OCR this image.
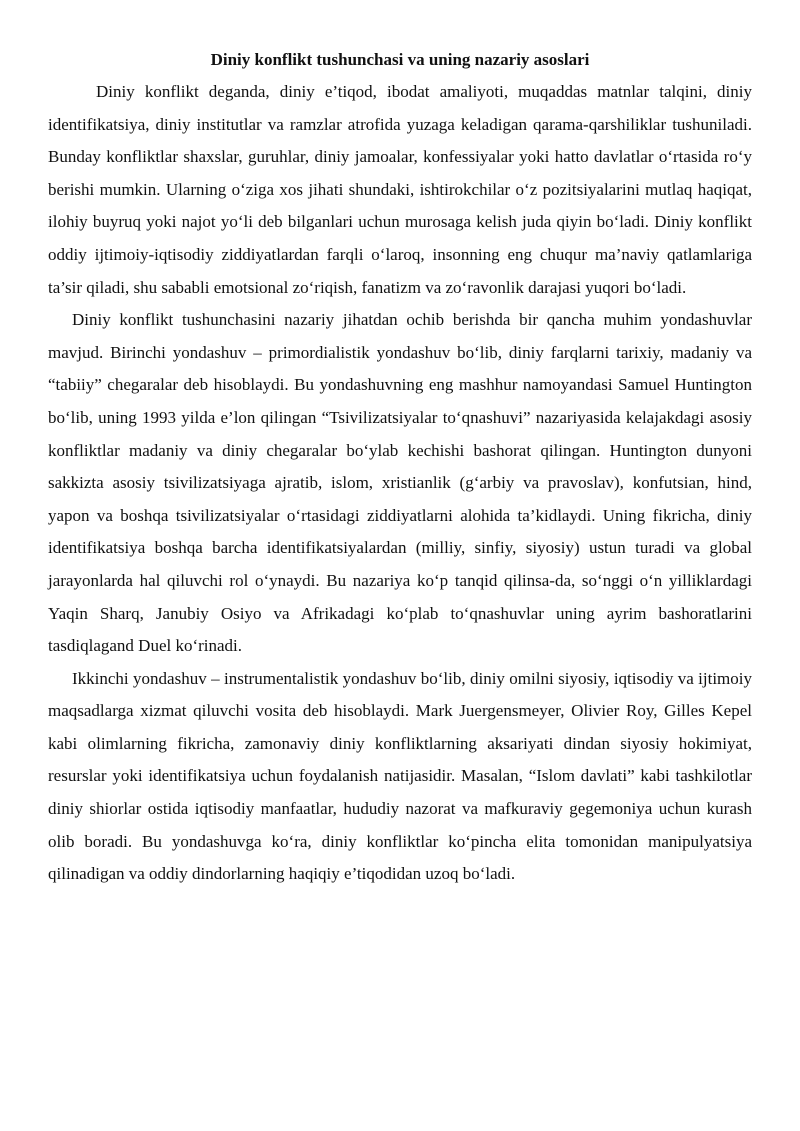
Diniy konflikt tushunchasi va uning nazariy asoslari

Diniy konflikt deganda, diniy e’tiqod, ibodat amaliyoti, muqaddas matnlar talqini, diniy identifikatsiya, diniy institutlar va ramzlar atrofida yuzaga keladigan qarama-qarshiliklar tushuniladi. Bunday konfliktlar shaxslar, guruhlar, diniy jamoalar, konfessiyalar yoki hatto davlatlar o‘rtasida ro‘y berishi mumkin. Ularning o‘ziga xos jihati shundaki, ishtirokchilar o‘z pozitsiyalarini mutlaq haqiqat, ilohiy buyruq yoki najot yo‘li deb bilganlari uchun murosaga kelish juda qiyin bo‘ladi. Diniy konflikt oddiy ijtimoiy-iqtisodiy ziddiyatlardan farqli o‘laroq, insonning eng chuqur ma’naviy qatlamlariga ta’sir qiladi, shu sababli emotsional zo‘riqish, fanatizm va zo‘ravonlik darajasi yuqori bo‘ladi.

Diniy konflikt tushunchasini nazariy jihatdan ochib berishda bir qancha muhim yondashuvlar mavjud. Birinchi yondashuv – primordialistik yondashuv bo‘lib, diniy farqlarni tarixiy, madaniy va “tabiiy” chegaralar deb hisoblaydi. Bu yondashuvning eng mashhur namoyandasi Samuel Huntington bo‘lib, uning 1993 yilda e’lon qilingan “Tsivilizatsiyalar to‘qnashuvi” nazariyasida kelajakdagi asosiy konfliktlar madaniy va diniy chegaralar bo‘ylab kechishi bashorat qilingan. Huntington dunyoni sakkizta asosiy tsivilizatsiyaga ajratib, islom, xristianlik (g‘arbiy va pravoslav), konfutsian, hind, yapon va boshqa tsivilizatsiyalar o‘rtasidagi ziddiyatlarni alohida ta’kidlaydi. Uning fikricha, diniy identifikatsiya boshqa barcha identifikatsiyalardan (milliy, sinfiy, siyosiy) ustun turadi va global jarayonlarda hal qiluvchi rol o‘ynaydi. Bu nazariya ko‘p tanqid qilinsa-da, so‘nggi o‘n yilliklardagi Yaqin Sharq, Janubiy Osiyo va Afrikadagi ko‘plab to‘qnashuvlar uning ayrim bashoratlarini tasdiqlagand Duel ko‘rinadi.

Ikkinchi yondashuv – instrumentalistik yondashuv bo‘lib, diniy omilni siyosiy, iqtisodiy va ijtimoiy maqsadlarga xizmat qiluvchi vosita deb hisoblaydi. Mark Juergensmeyer, Olivier Roy, Gilles Kepel kabi olimlarning fikricha, zamonaviy diniy konfliktlarning aksariyati dindan siyosiy hokimiyat, resurslar yoki identifikatsiya uchun foydalanish natijasidir. Masalan, “Islom davlati” kabi tashkilotlar diniy shiorlar ostida iqtisodiy manfaatlar, hududiy nazorat va mafkuraviy gegemoniya uchun kurash olib boradi. Bu yondashuvga ko‘ra, diniy konfliktlar ko‘pincha elita tomonidan manipulyatsiya qilinadigan va oddiy dindorlarning haqiqiy e’tiqodidan uzoq bo‘ladi.
